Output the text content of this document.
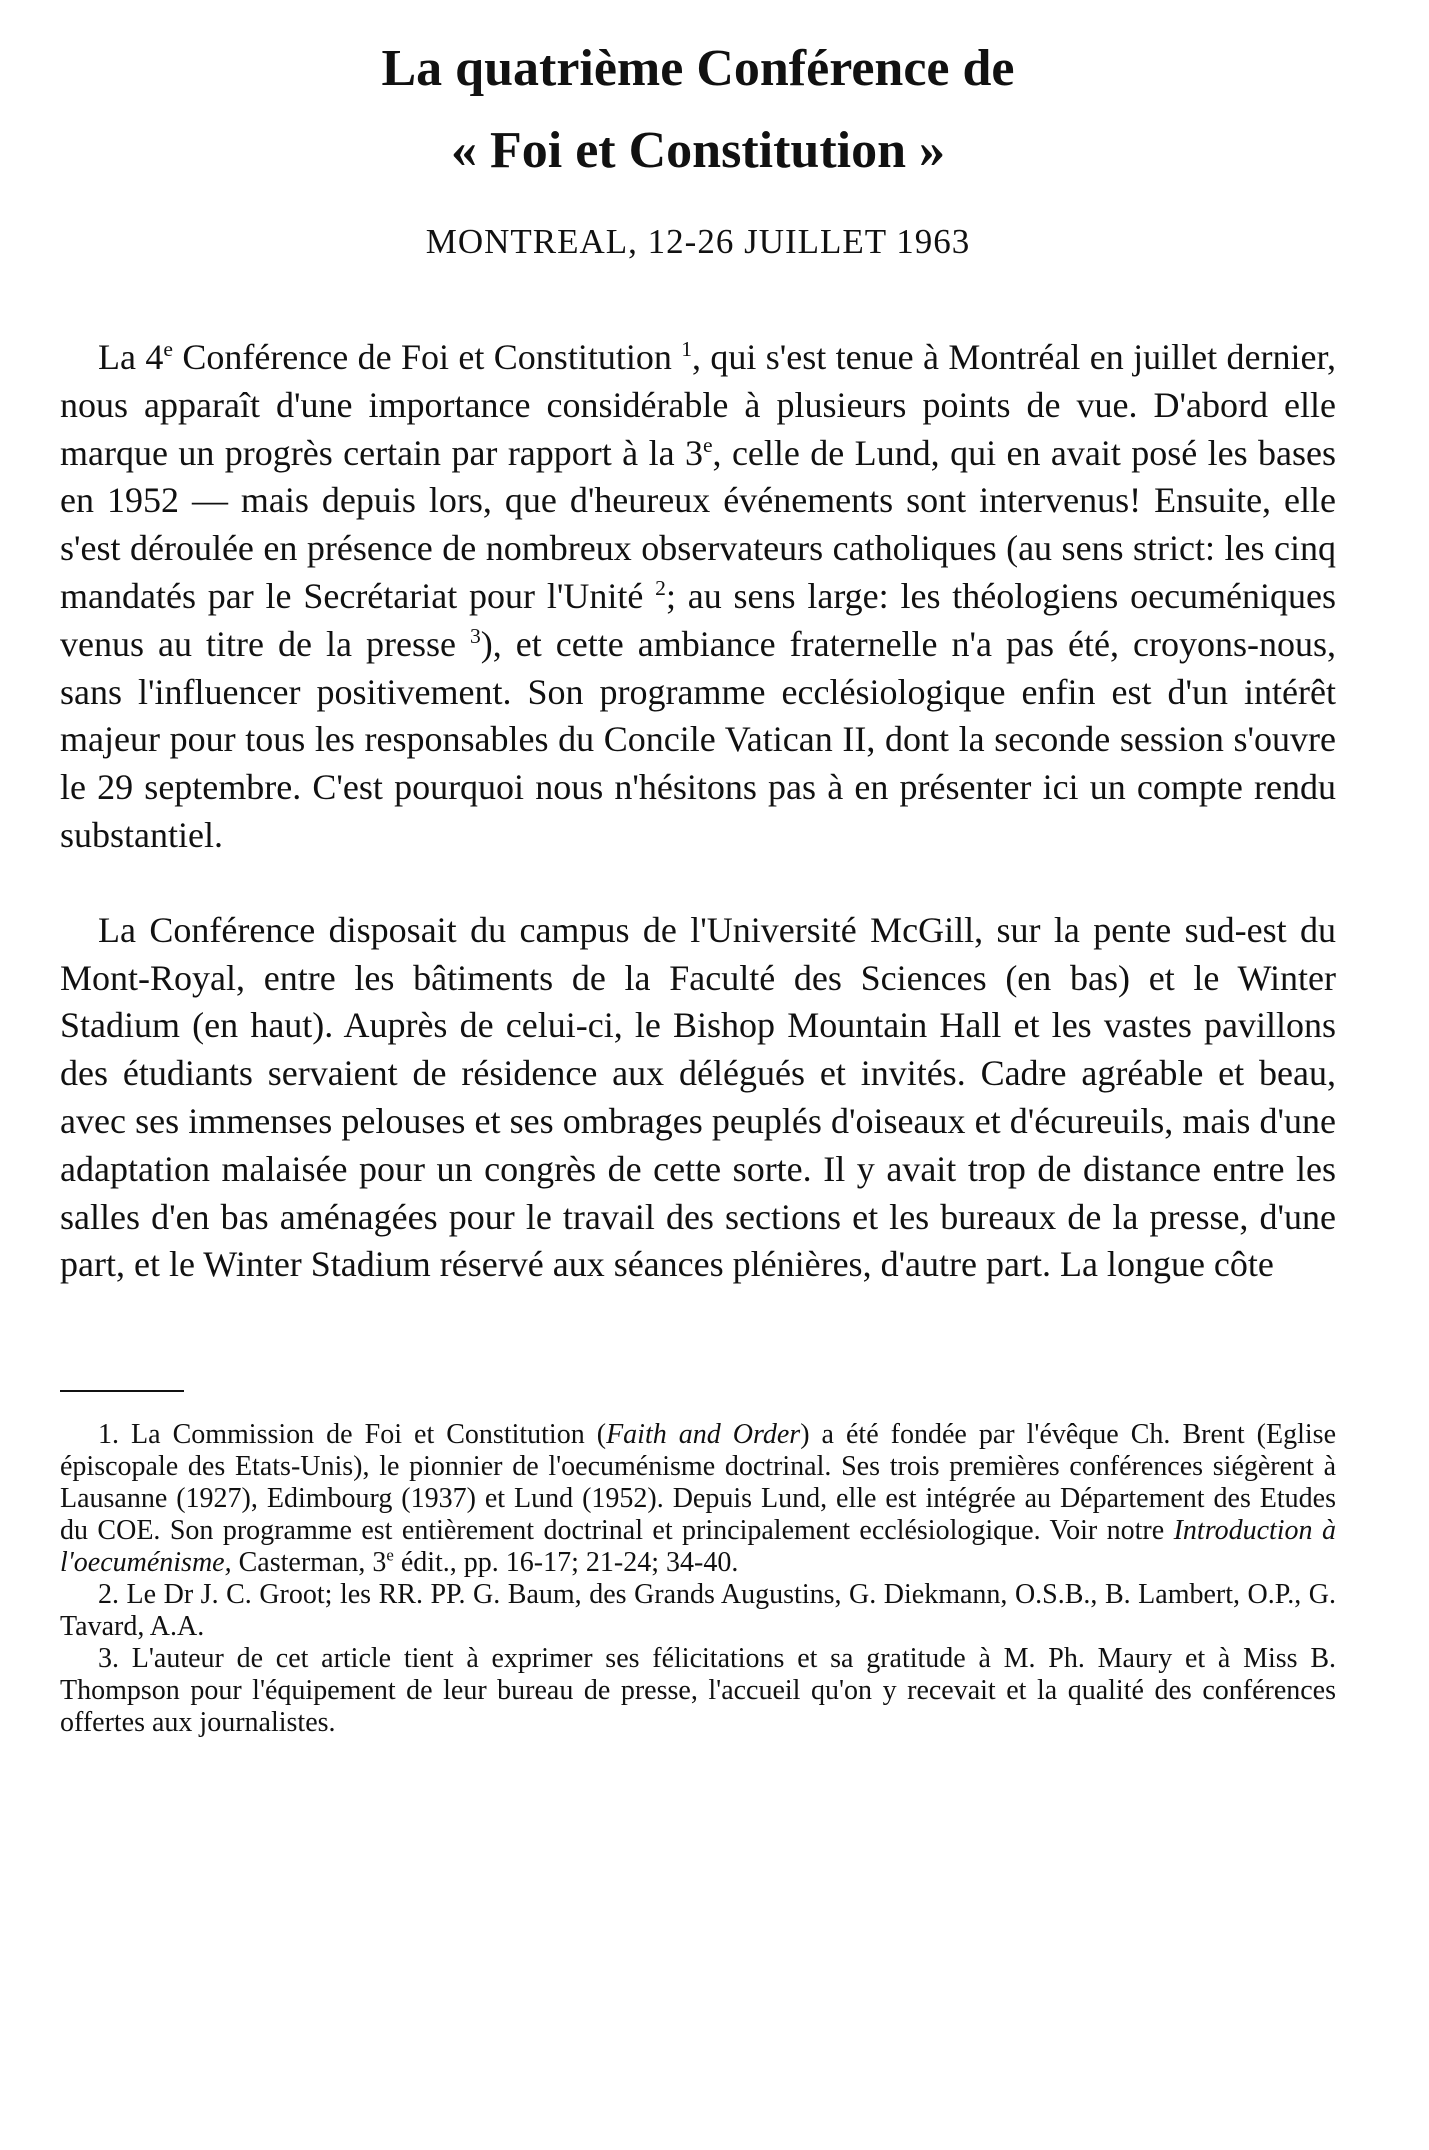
La quatrième Conférence de
« Foi et Constitution »

MONTREAL, 12-26 JUILLET 1963

La 4e Conférence de Foi et Constitution $^1$, qui s'est tenue à Montréal en juillet dernier, nous apparaît d'une importance considérable à plusieurs points de vue. D'abord elle marque un progrès certain par rapport à la 3e, celle de Lund, qui en avait posé les bases en 1952 — mais depuis lors, que d'heureux événements sont intervenus! Ensuite, elle s'est déroulée en présence de nombreux observateurs catholiques (au sens strict: les cinq mandatés par le Secrétariat pour l'Unité $^2$; au sens large: les théologiens oecuméniques venus au titre de la presse $^3$), et cette ambiance fraternelle n'a pas été, croyons-nous, sans l'influencer positivement. Son programme ecclésiologique enfin est d'un intérêt majeur pour tous les responsables du Concile Vatican II, dont la seconde session s'ouvre le 29 septembre. C'est pourquoi nous n'hésitons pas à en présenter ici un compte rendu substantiel.

La Conférence disposait du campus de l'Université McGill, sur la pente sud-est du Mont-Royal, entre les bâtiments de la Faculté des Sciences (en bas) et le Winter Stadium (en haut). Auprès de celui-ci, le Bishop Mountain Hall et les vastes pavillons des étudiants servaient de résidence aux délégués et invités. Cadre agréable et beau, avec ses immenses pelouses et ses ombrages peuplés d'oiseaux et d'écureuils, mais d'une adaptation malaisée pour un congrès de cette sorte. Il y avait trop de distance entre les salles d'en bas aménagées pour le travail des sections et les bureaux de la presse, d'une part, et le Winter Stadium réservé aux séances plénières, d'autre part. La longue côte

1. La Commission de Foi et Constitution (Faith and Order) a été fondée par l'évêque Ch. Brent (Eglise épiscopale des Etats-Unis), le pionnier de l'oecuménisme doctrinal. Ses trois premières conférences siégèrent à Lausanne (1927), Edimbourg (1937) et Lund (1952). Depuis Lund, elle est intégrée au Département des Etudes du COE. Son programme est entièrement doctrinal et principalement ecclésiologique. Voir notre Introduction à l'oecuménisme, Casterman, 3e édit., pp. 16-17; 21-24; 34-40.

2. Le Dr J. C. Groot; les RR. PP. G. Baum, des Grands Augustins, G. Diekmann, O.S.B., B. Lambert, O.P., G. Tavard, A.A.

3. L'auteur de cet article tient à exprimer ses félicitations et sa gratitude à M. Ph. Maury et à Miss B. Thompson pour l'équipement de leur bureau de presse, l'accueil qu'on y recevait et la qualité des conférences offertes aux journalistes.
